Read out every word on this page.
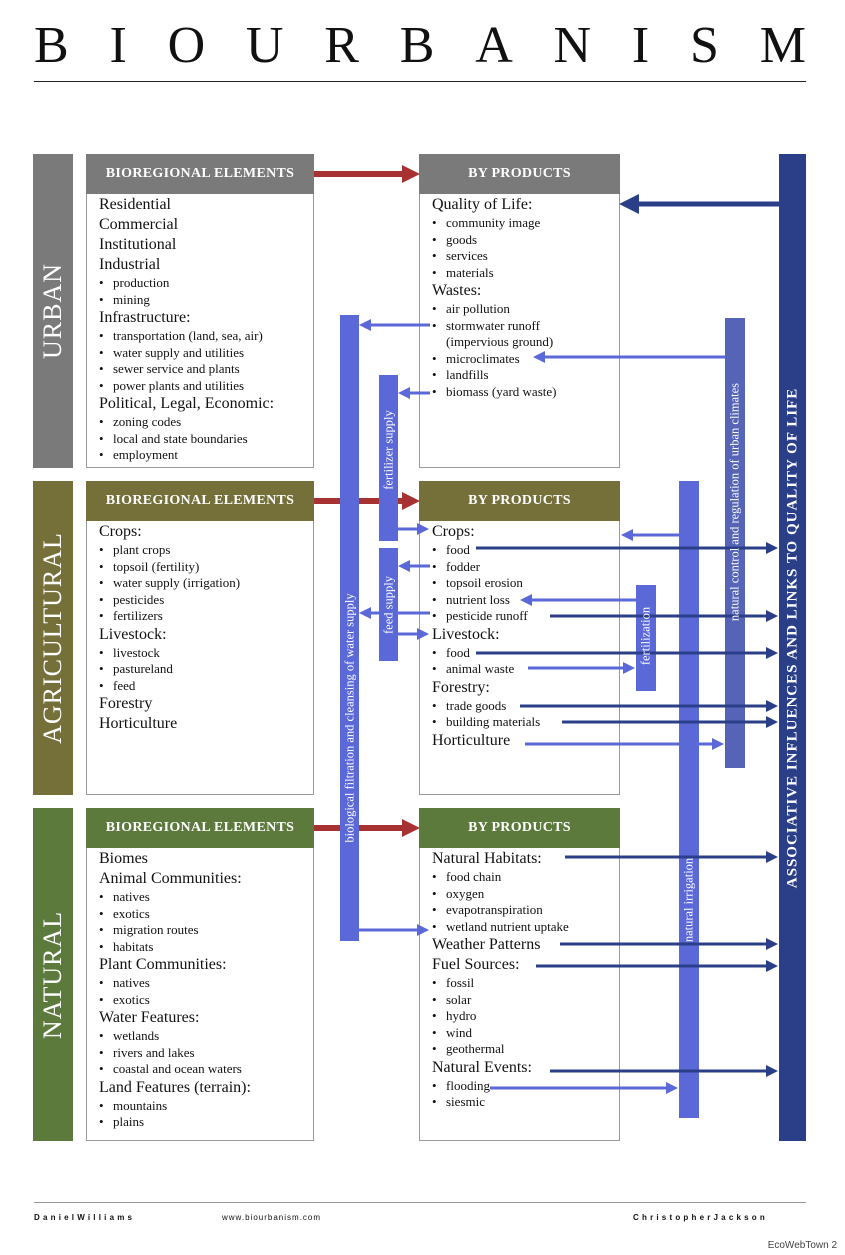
B I O U R B A N I S M
URBAN
AGRICULTURAL
NATURAL
BIOREGIONAL ELEMENTS	BY PRODUCTS
BIOREGIONAL ELEMENTS	BY PRODUCTS
BIOREGIONAL ELEMENTS	BY PRODUCTS
Residential
Commercial
Institutional
Industrial
• production
• mining
Infrastructure:
• transportation (land, sea, air)
• water supply and utilities
• sewer service and plants
• power plants and utilities
Political, Legal, Economic:
• zoning codes
• local and state boundaries
• employment
Quality of Life:
• community image
• goods
• services
• materials
Wastes:
• air pollution
• stormwater runoff
(impervious ground)
• microclimates
• landfills
• biomass (yard waste)
Crops:
• plant crops
• topsoil (fertility)
• water supply (irrigation)
• pesticides
• fertilizers
Livestock:
• livestock
• pastureland
• feed
Forestry
Horticulture
Crops:
• food
• fodder
• topsoil erosion
• nutrient loss
• pesticide runoff
Livestock:
• food
• animal waste
Forestry:
• trade goods
• building materials
Horticulture
Biomes
Animal Communities:
• natives
• exotics
• migration routes
• habitats
Plant Communities:
• natives
• exotics
Water Features:
• wetlands
• rivers and lakes
• coastal and ocean waters
Land Features (terrain):
• mountains
• plains
Natural Habitats:
• food chain
• oxygen
• evapotranspiration
• wetland nutrient uptake
Weather Patterns
Fuel Sources:
• fossil
• solar
• hydro
• wind
• geothermal
Natural Events:
• flooding
• siesmic
biological filtration and cleansing of water supply
fertilizer supply
feed supply
fertilization
natural irrigation
natural control and regulation of urban climates	ASSOCIATIVE INFLUENCES AND LINKS TO QUALITY OF LIFE
DanielWilliams	www.biourbanism.com	ChristopherJackson
EcoWebTown 2
